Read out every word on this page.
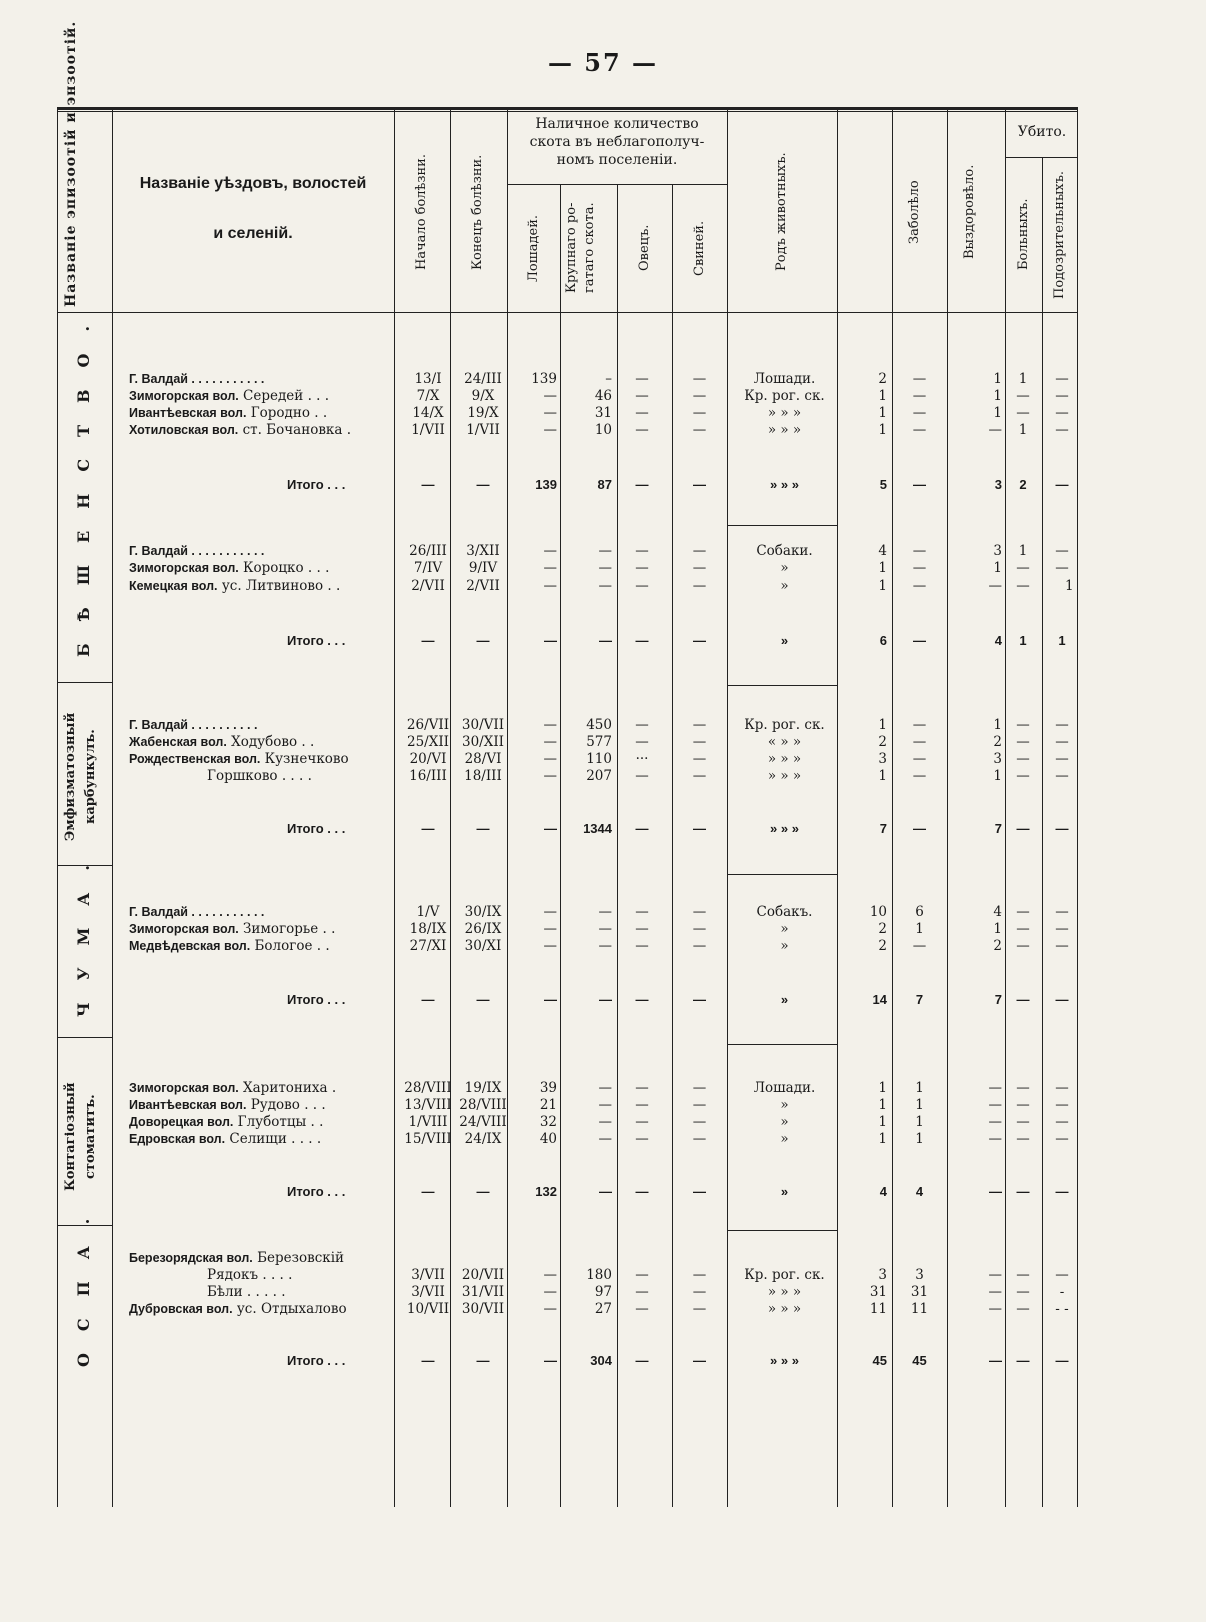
— 57 —
Названіе эпизоотій и энзоотій.	Названіе уѣздовъ, волостей
и селеній.	Начало болѣзни.	Конецъ болѣзни.
Наличное количество
скота въ неблагополуч-
номъ поселеніи.
Лошадей.	Крупнаго ро-гатаго скота.	Овецъ.	Свиней.	Родъ животныхъ.	Заболѣло	Выздоровѣло.
Убито.
Больныхъ.	Подозрительныхъ.
БѢШЕНСТВО.
Эмфизматозный карбункулъ.
ЧУМА.
Контагіозный стоматитъ.
ОСПА.
Г. Валдай . . . . . . . . . . .	13/I	24/III	139	–	—	—	Лошади.	2	—	1	1	—
Зимогорская вол. Середей . . .	7/X	9/X	—	46	—	—	Кр. рог. ск.	1	—	1	—	—
Ивантѣевская вол. Городно . .	14/X	19/X	—	31	—	—	» » »	1	—	1	—	—
Хотиловская вол. ст. Бочановка .	1/VII	1/VII	—	10	—	—	» » »	1	—	—	1	—
Итого . . .	—	—	139	87	—	—	» » »	5	—	3	2	—
Г. Валдай . . . . . . . . . . .	26/III	3/XII	—	—	—	—	Собаки.	4	—	3	1	—
Зимогорская вол. Короцко . . .	7/IV	9/IV	—	—	—	—	»	1	—	1	—	—
Кемецкая вол. ус. Литвиново . .	2/VII	2/VII	—	—	—	—	»	1	—	—	—	1
Итого . . .	—	—	—	—	—	—	»	6	—	4	1	1
Г. Валдай . . . . . . . . . .	26/VII 30/VII	—	450	—	—	Кр. рог. ск.	1	—	1	—	—
Жабенская вол. Ходубово . .	25/XII 30/XII	—	577	—	—	« » »	2	—	2	—	—
Рождественская вол. Кузнечково	20/VI	28/VI	—	110	···	—	» » »	3	—	3	—	—
Горшково . . . .	16/III	18/III	—	207	—	—	» » »	1	—	1	—	—
Итого . . .	—	—	—	1344	—	—	» » »	7	—	7	—	—
Г. Валдай . . . . . . . . . . .	1/V	30/IX	—	—	—	—	Собакъ.	10	6	4	—	—
Зимогорская вол. Зимогорье . .	18/IX	26/IX	—	—	—	—	»	2	1	1	—	—
Медвѣдевская вол. Бологое . .	27/XI	30/XI	—	—	—	—	»	2	—	2	—	—
Итого . . .	—	—	—	—	—	—	»	14	7	7	—	—
Зимогорская вол. Харитониха .	28/VIII 19/IX	39	—	—	—	Лошади.	1	1	—	—	—
Ивантѣевская вол. Рудово . . .	13/VIII 28/VIII	21	—	—	—	»	1	1	—	—	—
Доворецкая вол. Глуботцы . .	1/VIII 24/VIII	32	—	—	—	»	1	1	—	—	—
Едровская вол. Селищи . . . .	15/VIII 24/IX	40	—	—	—	»	1	1	—	—	—
Итого . . .	—	—	132	—	—	—	»	4	4	—	—	—
Березорядская вол. Березовскій
Рядокъ . . . .	3/VII	20/VII	—	180	—	—	Кр. рог. ск.	3	3	—	—	—
Бѣли . . . . .	3/VII	31/VII	—	97	—	—	» » »	31	31	—	—	-
Дубровская вол. ус. Отдыхалово	10/VII 30/VII	—	27	—	—	» » »	11	11	—	—	- -
Итого . . .	—	—	—	304	—	—	» » »	45	45	—	—	—
